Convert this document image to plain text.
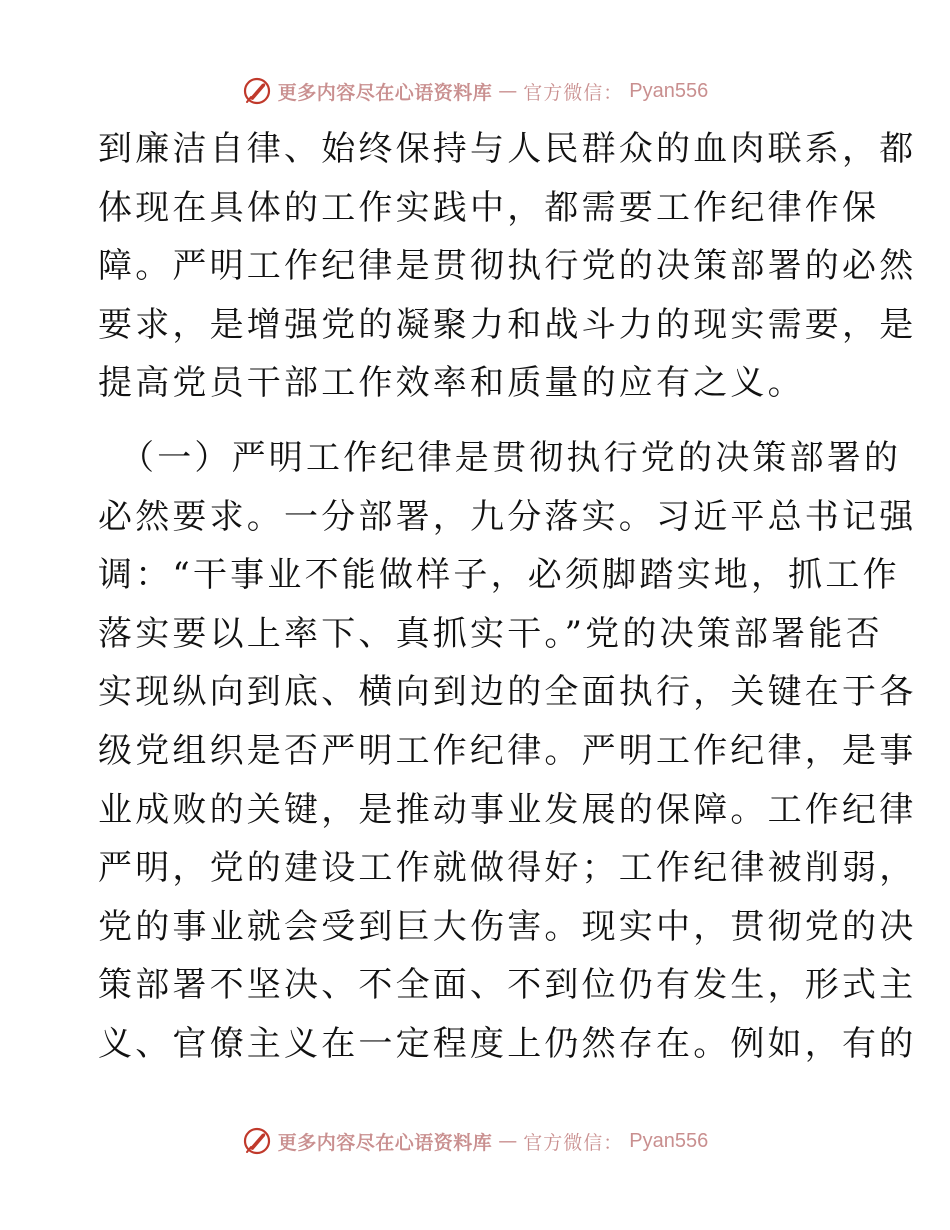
更多内容尽在心语资料库 — 官方微信： Pyan556
到廉洁自律、始终保持与人民群众的血肉联系，都
体现在具体的工作实践中，都需要工作纪律作保
障。严明工作纪律是贯彻执行党的决策部署的必然
要求，是增强党的凝聚力和战斗力的现实需要，是
提高党员干部工作效率和质量的应有之义。
（一）严明工作纪律是贯彻执行党的决策部署的
必然要求。一分部署，九分落实。习近平总书记强
调：“干事业不能做样子，必须脚踏实地，抓工作
落实要以上率下、真抓实干。”党的决策部署能否
实现纵向到底、横向到边的全面执行，关键在于各
级党组织是否严明工作纪律。严明工作纪律，是事
业成败的关键，是推动事业发展的保障。工作纪律
严明，党的建设工作就做得好；工作纪律被削弱，
党的事业就会受到巨大伤害。现实中，贯彻党的决
策部署不坚决、不全面、不到位仍有发生，形式主
义、官僚主义在一定程度上仍然存在。例如，有的
更多内容尽在心语资料库 — 官方微信： Pyan556
